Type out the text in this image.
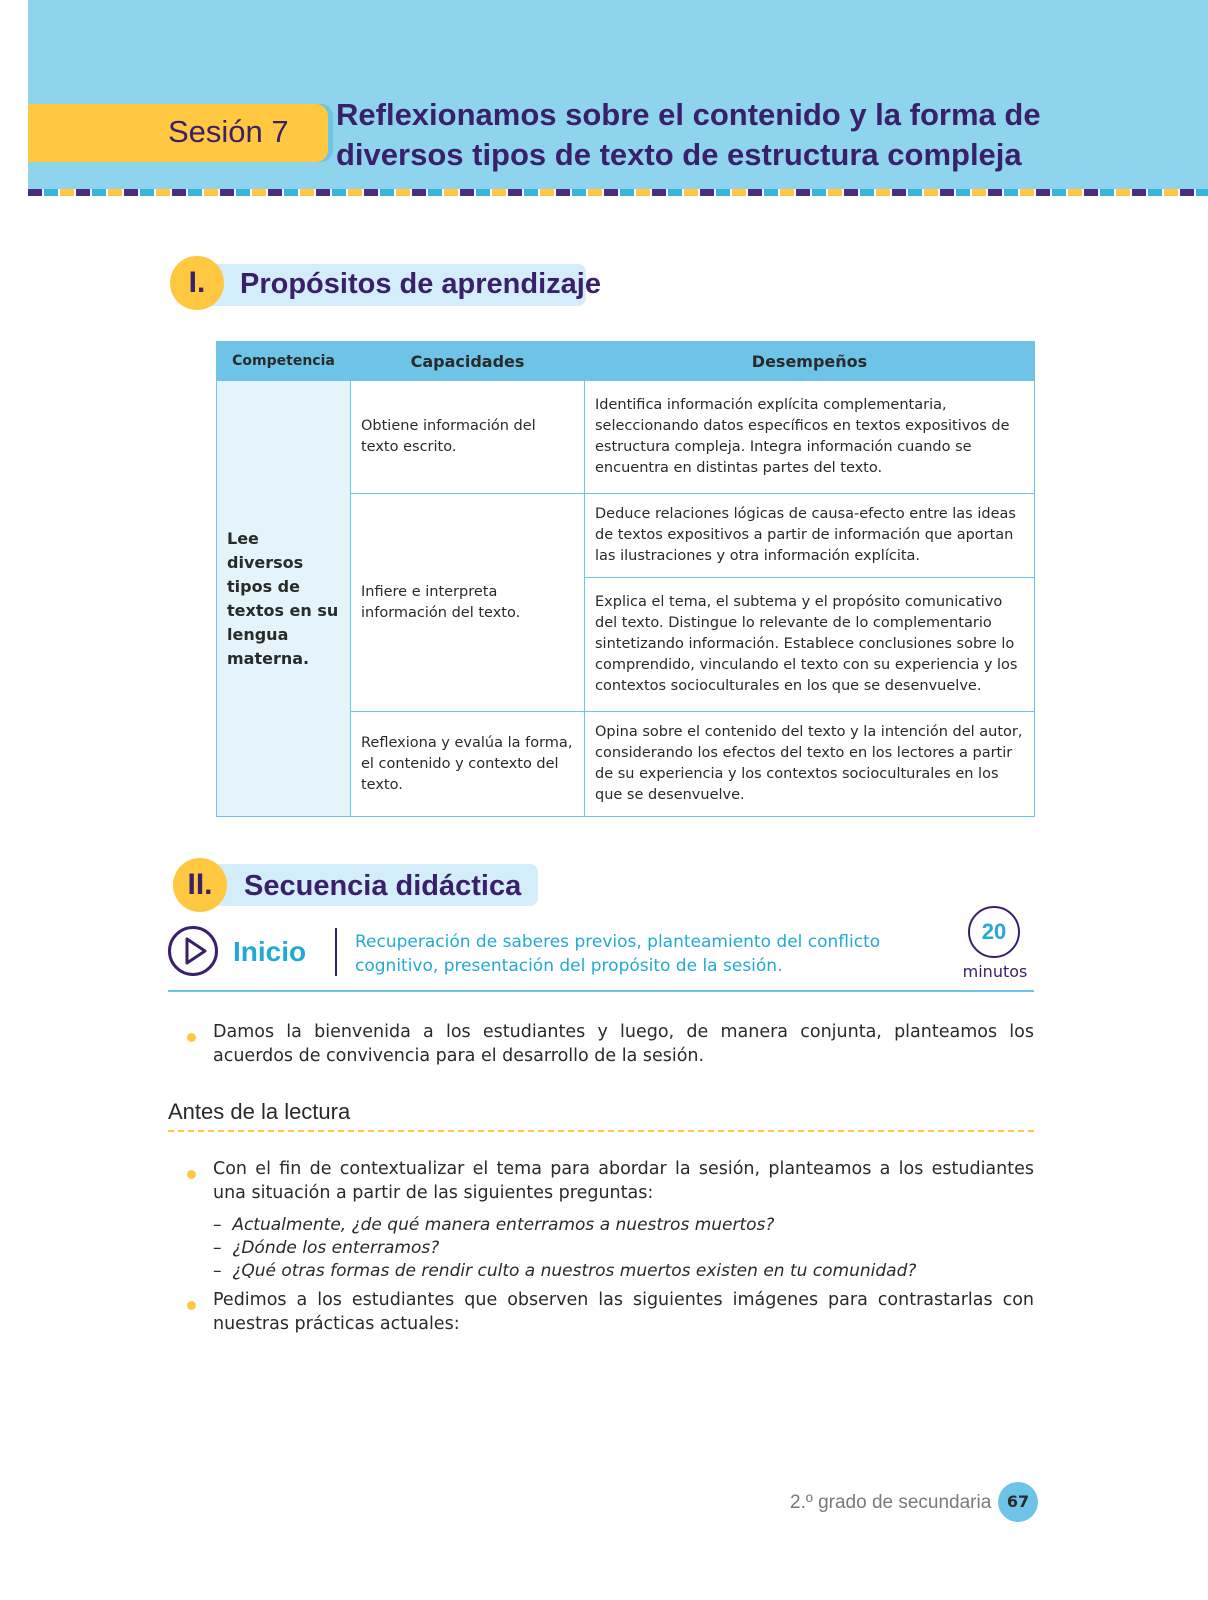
Sesión 7 Reflexionamos sobre el contenido y la forma de
diversos tipos de texto de estructura compleja
I.	Propósitos de aprendizaje
Competencia	Capacidades	Desempeños
Lee diversos tipos de textos en su lengua materna.	Obtiene información del texto escrito.	Identifica información explícita complementaria, seleccionando datos específicos en textos expositivos de estructura compleja. Integra información cuando se encuentra en distintas partes del texto.
	Infiere e interpreta información del texto.	Deduce relaciones lógicas de causa-efecto entre las ideas de textos expositivos a partir de información que aportan las ilustraciones y otra información explícita.
		Explica el tema, el subtema y el propósito comunicativo del texto. Distingue lo relevante de lo complementario sintetizando información. Establece conclusiones sobre lo comprendido, vinculando el texto con su experiencia y los contextos socioculturales en los que se desenvuelve.
	Reflexiona y evalúa la forma, el contenido y contexto del texto.	Opina sobre el contenido del texto y la intención del autor, considerando los efectos del texto en los lectores a partir de su experiencia y los contextos socioculturales en los que se desenvuelve.
II.	Secuencia didáctica
Inicio	Recuperación de saberes previos, planteamiento del conflicto cognitivo, presentación del propósito de la sesión.
20
minutos
Damos la bienvenida a los estudiantes y luego, de manera conjunta, planteamos los acuerdos de convivencia para el desarrollo de la sesión.
Antes de la lectura
Con el fin de contextualizar el tema para abordar la sesión, planteamos a los estudiantes una situación a partir de las siguientes preguntas:
–  Actualmente, ¿de qué manera enterramos a nuestros muertos?
–  ¿Dónde los enterramos?
–  ¿Qué otras formas de rendir culto a nuestros muertos existen en tu comunidad?
Pedimos a los estudiantes que observen las siguientes imágenes para contrastarlas con nuestras prácticas actuales:
2.º grado de secundaria 67
